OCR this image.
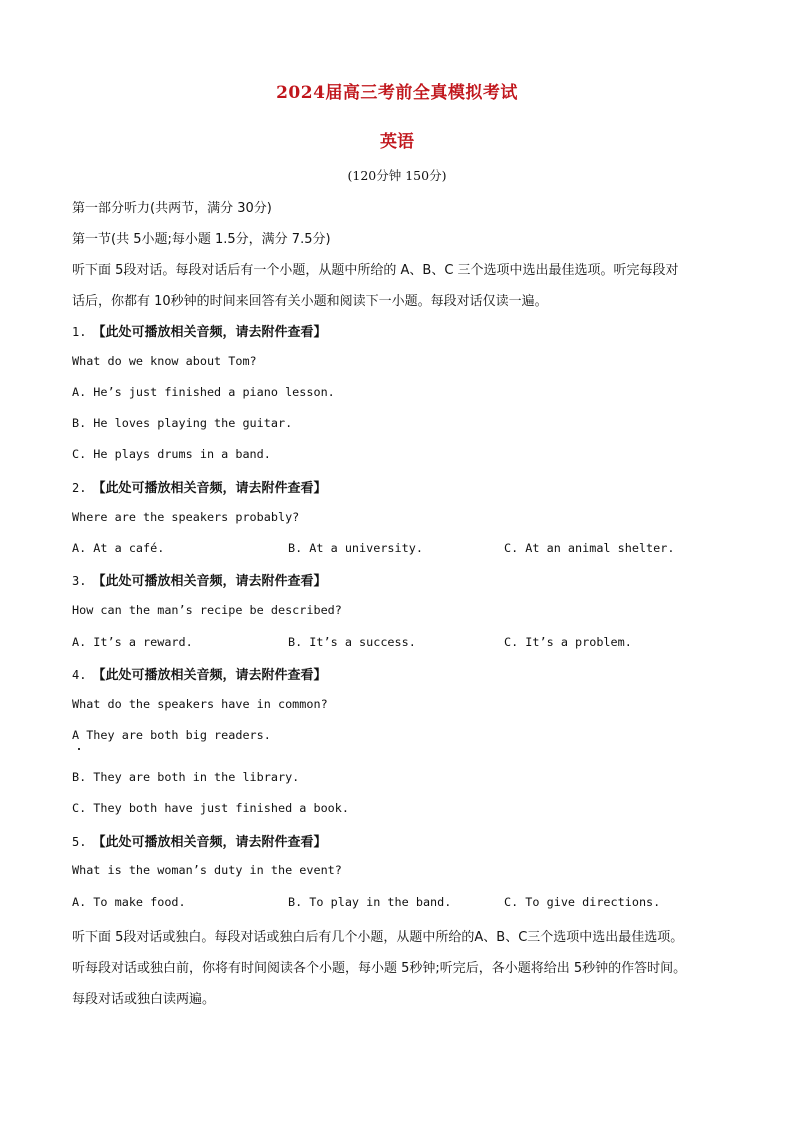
2024届高三考前全真模拟考试
英语
(120分钟 150分)
第一部分听力(共两节，满分 30分)
第一节(共 5小题;每小题 1.5分，满分 7.5分)
听下面 5段对话。每段对话后有一个小题，从题中所给的 A、B、C 三个选项中选出最佳选项。听完每段对
话后，你都有 10秒钟的时间来回答有关小题和阅读下一小题。每段对话仅读一遍。
1. 【此处可播放相关音频，请去附件查看】
What do we know about Tom?
A. He’s just finished a piano lesson.
B. He loves playing the guitar.
C. He plays drums in a band.
2. 【此处可播放相关音频，请去附件查看】
Where are the speakers probably?
A. At a café.	B. At a university.	C. At an animal shelter.
3. 【此处可播放相关音频，请去附件查看】
How can the man’s recipe be described?
A. It’s a reward.	B. It’s a success.	C. It’s a problem.
4. 【此处可播放相关音频，请去附件查看】
What do the speakers have in common?
A They are both big readers.
B. They are both in the library.
C. They both have just finished a book.
5. 【此处可播放相关音频，请去附件查看】
What is the woman’s duty in the event?
A. To make food.	B. To play in the band.	C. To give directions.
听下面 5段对话或独白。每段对话或独白后有几个小题，从题中所给的A、B、C三个选项中选出最佳选项。
听每段对话或独白前，你将有时间阅读各个小题，每小题 5秒钟;听完后，各小题将给出 5秒钟的作答时间。
每段对话或独白读两遍。
